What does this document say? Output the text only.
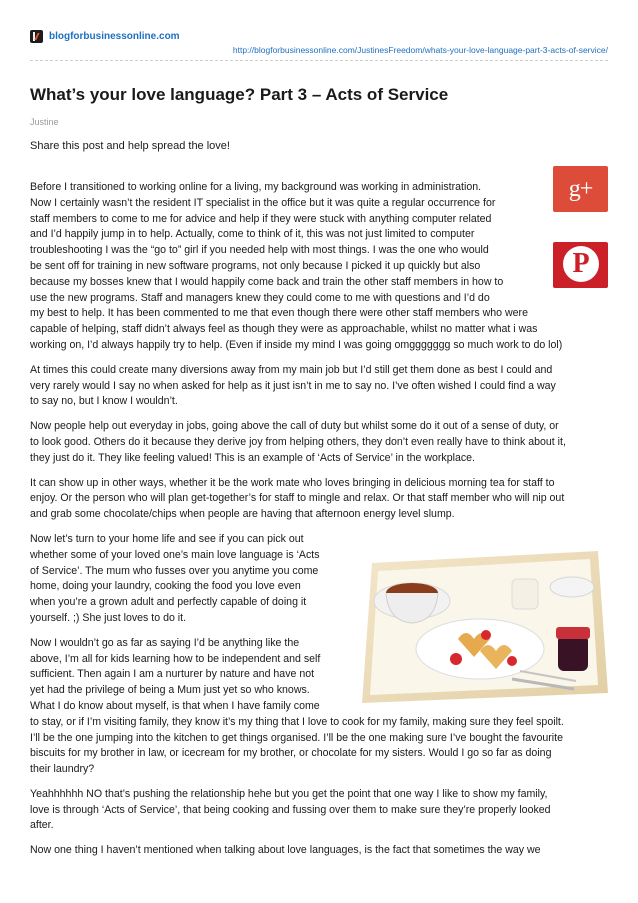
blogforbusinessonline.com
http://blogforbusinessonline.com/JustinesFreedom/whats-your-love-language-part-3-acts-of-service/
What’s your love language? Part 3 – Acts of Service
Justine
Share this post and help spread the love!
g+
P

Before I transitioned to working online for a living, my background was working in administration.
Now I certainly wasn’t the resident IT specialist in the office but it was quite a regular occurrence for
staff members to come to me for advice and help if they were stuck with anything computer related
and I’d happily jump in to help. Actually, come to think of it, this was not just limited to computer
troubleshooting I was the “go to” girl if you needed help with most things. I was the one who would
be sent off for training in new software programs, not only because I picked it up quickly but also
because my bosses knew that I would happily come back and train the other staff members in how to
use the new programs. Staff and managers knew they could come to me with questions and I’d do
my best to help. It has been commented to me that even though there were other staff members who were
capable of helping, staff didn’t always feel as though they were as approachable, whilst no matter what i was
working on, I’d always happily try to help. (Even if inside my mind I was going omggggggg so much work to do lol)

At times this could create many diversions away from my main job but I’d still get them done as best I could and
very rarely would I say no when asked for help as it just isn’t in me to say no. I’ve often wished I could find a way
to say no, but I know I wouldn’t.

Now people help out everyday in jobs, going above the call of duty but whilst some do it out of a sense of duty, or
to look good. Others do it because they derive joy from helping others, they don’t even really have to think about it,
they just do it. They like feeling valued! This is an example of ‘Acts of Service’ in the workplace.

It can show up in other ways, whether it be the work mate who loves bringing in delicious morning tea for staff to
enjoy. Or the person who will plan get-together’s for staff to mingle and relax. Or that staff member who will nip out
and grab some chocolate/chips when people are having that afternoon energy level slump.

Now let’s turn to your home life and see if you can pick out
whether some of your loved one’s main love language is ‘Acts
of Service’. The mum who fusses over you anytime you come
home, doing your laundry, cooking the food you love even
when you’re a grown adult and perfectly capable of doing it
yourself. ;) She just loves to do it.

Now I wouldn’t go as far as saying I’d be anything like the
above, I’m all for kids learning how to be independent and self
sufficient. Then again I am a nurturer by nature and have not
yet had the privilege of being a Mum just yet so who knows.
What I do know about myself, is that when I have family come
to stay, or if I’m visiting family, they know it’s my thing that I love to cook for my family, making sure they feel spoilt.
I’ll be the one jumping into the kitchen to get things organised. I’ll be the one making sure I’ve bought the favourite
biscuits for my brother in law, or icecream for my brother, or chocolate for my sisters. Would I go so far as doing
their laundry?

Yeahhhhhh NO that’s pushing the relationship hehe but you get the point that one way I like to show my family,
love is through ‘Acts of Service’, that being cooking and fussing over them to make sure they’re properly looked
after.

Now one thing I haven’t mentioned when talking about love languages, is the fact that sometimes the way we
